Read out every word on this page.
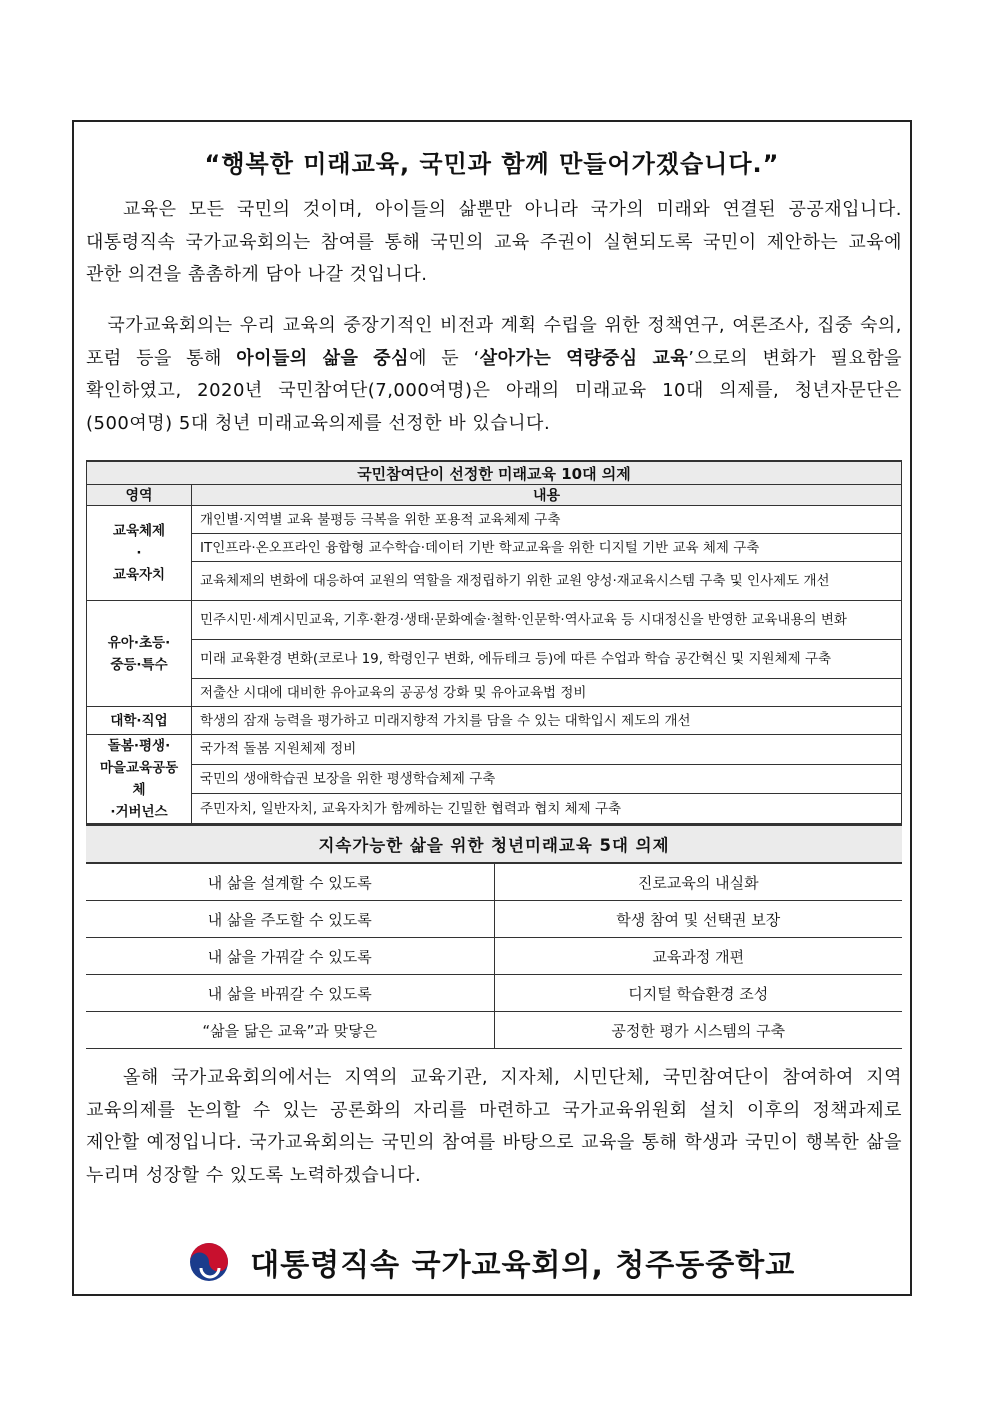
“행복한 미래교육, 국민과 함께 만들어가겠습니다.”

교육은 모든 국민의 것이며, 아이들의 삶뿐만 아니라 국가의 미래와 연결된 공공재입니다. 대통령직속 국가교육회의는 참여를 통해 국민의 교육 주권이 실현되도록 국민이 제안하는 교육에 관한 의견을 촘촘하게 담아 나갈 것입니다.

국가교육회의는 우리 교육의 중장기적인 비전과 계획 수립을 위한 정책연구, 여론조사, 집중 숙의, 포럼 등을 통해 아이들의 삶을 중심에 둔 ‘살아가는 역량중심 교육’으로의 변화가 필요함을 확인하였고, 2020년 국민참여단(7,000여명)은 아래의 미래교육 10대 의제를, 청년자문단은(500여명) 5대 청년 미래교육의제를 선정한 바 있습니다.

국민참여단이 선정한 미래교육 10대 의제	
영역	내용
교육체제
·
교육자치	개인별·지역별 교육 불평등 극복을 위한 포용적 교육체제 구축
	IT인프라·온오프라인 융합형 교수학습·데이터 기반 학교교육을 위한 디지털 기반 교육 체제 구축
	교육체제의 변화에 대응하여 교원의 역할을 재정립하기 위한 교원 양성·재교육시스템 구축 및 인사제도 개선
유아·초등·
중등·특수	민주시민·세계시민교육, 기후·환경·생태·문화예술·철학·인문학·역사교육 등 시대정신을 반영한 교육내용의 변화
	미래 교육환경 변화(코로나 19, 학령인구 변화, 에듀테크 등)에 따른 수업과 학습 공간혁신 및 지원체제 구축
	저출산 시대에 대비한 유아교육의 공공성 강화 및 유아교육법 정비
대학·직업	학생의 잠재 능력을 평가하고 미래지향적 가치를 담을 수 있는 대학입시 제도의 개선
돌봄·평생·
마을교육공동체
·거버넌스	국가적 돌봄 지원체제 정비
	국민의 생애학습권 보장을 위한 평생학습체제 구축
	주민자치, 일반자치, 교육자치가 함께하는 긴밀한 협력과 협치 체제 구축
지속가능한 삶을 위한 청년미래교육 5대 의제	
내 삶을 설계할 수 있도록	진로교육의 내실화
내 삶을 주도할 수 있도록	학생 참여 및 선택권 보장
내 삶을 가꿔갈 수 있도록	교육과정 개편
내 삶을 바꿔갈 수 있도록	디지털 학습환경 조성
“삶을 닮은 교육”과 맞닿은	공정한 평가 시스템의 구축

올해 국가교육회의에서는 지역의 교육기관, 지자체, 시민단체, 국민참여단이 참여하여 지역 교육의제를 논의할 수 있는 공론화의 자리를 마련하고 국가교육위원회 설치 이후의 정책과제로 제안할 예정입니다. 국가교육회의는 국민의 참여를 바탕으로 교육을 통해 학생과 국민이 행복한 삶을 누리며 성장할 수 있도록 노력하겠습니다.

대통령직속 국가교육회의, 청주동중학교
